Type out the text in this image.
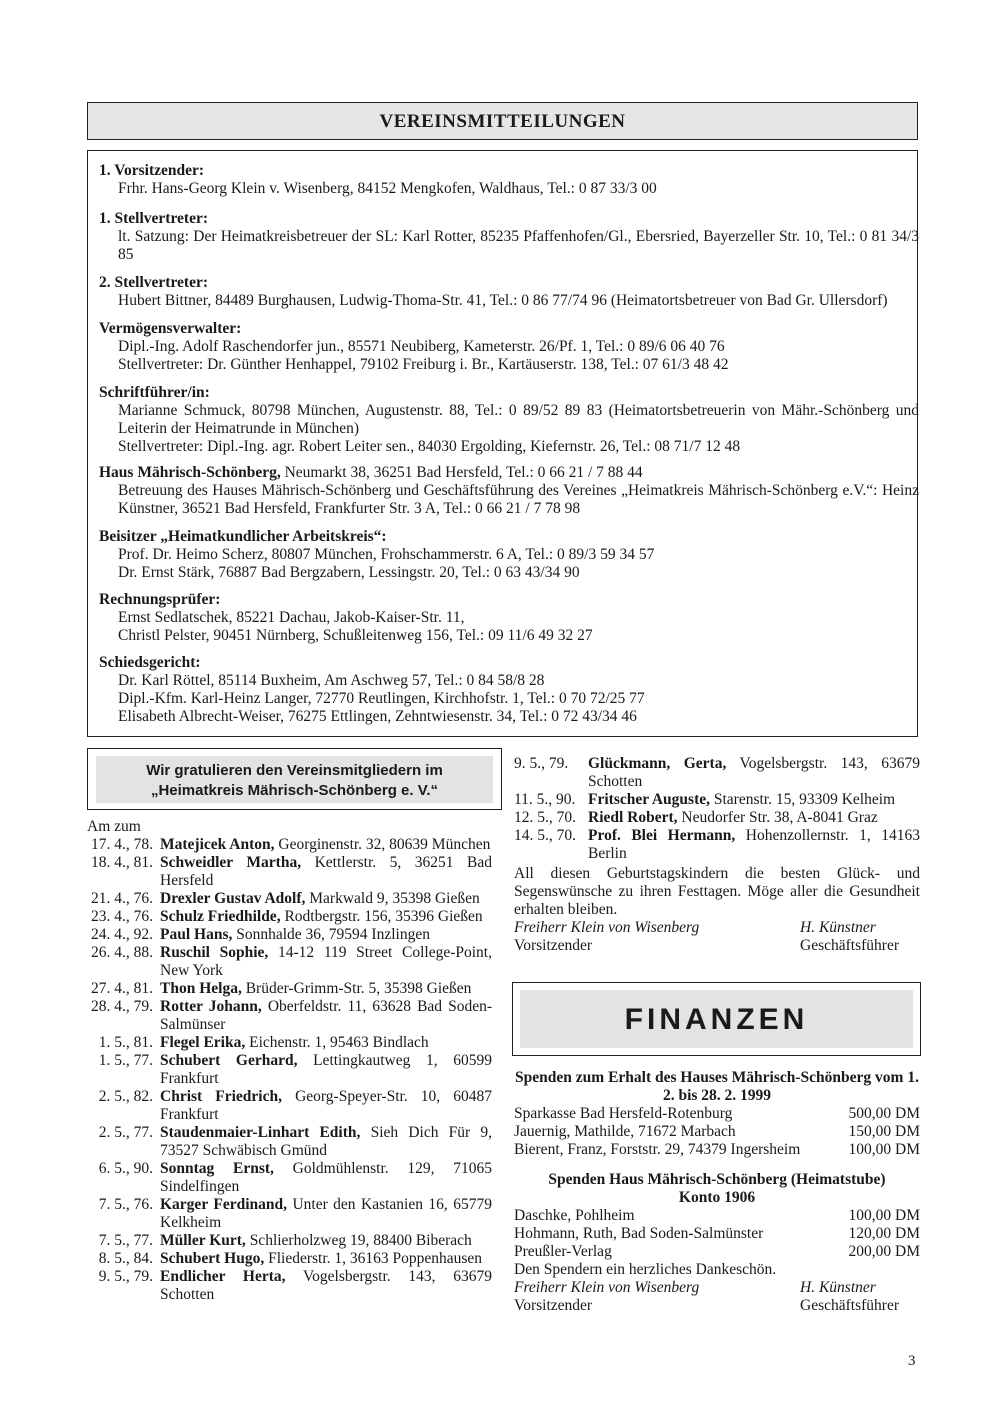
VEREINSMITTEILUNGEN
1. Vorsitzender:
Frhr. Hans-Georg Klein v. Wisenberg, 84152 Mengkofen, Waldhaus, Tel.: 0 87 33/3 00
1. Stellvertreter:
lt. Satzung: Der Heimatkreisbetreuer der SL: Karl Rotter, 85235 Pfaffenhofen/Gl., Ebersried, Bayerzeller Str. 10, Tel.: 0 81 34/3 85
2. Stellvertreter:
Hubert Bittner, 84489 Burghausen, Ludwig-Thoma-Str. 41, Tel.: 0 86 77/74 96 (Heimatortsbetreuer von Bad Gr. Ullersdorf)
Vermögensverwalter:
Dipl.-Ing. Adolf Raschendorfer jun., 85571 Neubiberg, Kameterstr. 26/Pf. 1, Tel.: 0 89/6 06 40 76
Stellvertreter: Dr. Günther Henhappel, 79102 Freiburg i. Br., Kartäuserstr. 138, Tel.: 07 61/3 48 42
Schriftführer/in:
Marianne Schmuck, 80798 München, Augustenstr. 88, Tel.: 0 89/52 89 83 (Heimatortsbetreuerin von Mähr.-Schönberg und Leiterin der Heimatrunde in München)
Stellvertreter: Dipl.-Ing. agr. Robert Leiter sen., 84030 Ergolding, Kiefernstr. 26, Tel.: 08 71/7 12 48
Haus Mährisch-Schönberg, Neumarkt 38, 36251 Bad Hersfeld, Tel.: 0 66 21 / 7 88 44
Betreuung des Hauses Mährisch-Schönberg und Geschäftsführung des Vereines „Heimatkreis Mährisch-Schönberg e.V.“: Heinz Künstner, 36521 Bad Hersfeld, Frankfurter Str. 3 A, Tel.: 0 66 21 / 7 78 98
Beisitzer „Heimatkundlicher Arbeitskreis“:
Prof. Dr. Heimo Scherz, 80807 München, Frohschammerstr. 6 A, Tel.: 0 89/3 59 34 57
Dr. Ernst Stärk, 76887 Bad Bergzabern, Lessingstr. 20, Tel.: 0 63 43/34 90
Rechnungsprüfer:
Ernst Sedlatschek, 85221 Dachau, Jakob-Kaiser-Str. 11,
Christl Pelster, 90451 Nürnberg, Schußleitenweg 156, Tel.: 09 11/6 49 32 27
Schiedsgericht:
Dr. Karl Röttel, 85114 Buxheim, Am Aschweg 57, Tel.: 0 84 58/8 28
Dipl.-Kfm. Karl-Heinz Langer, 72770 Reutlingen, Kirchhofstr. 1, Tel.: 0 70 72/25 77
Elisabeth Albrecht-Weiser, 76275 Ettlingen, Zehntwiesenstr. 34, Tel.: 0 72 43/34 46
Wir gratulieren den Vereinsmitgliedern im
„Heimatkreis Mährisch-Schönberg e. V.“
Am zum
17. 4., 78. Matejicek Anton, Georginenstr. 32, 80639 München
18. 4., 81. Schweidler Martha, Kettlerstr. 5, 36251 Bad Hersfeld
21. 4., 76. Drexler Gustav Adolf, Markwald 9, 35398 Gießen
23. 4., 76. Schulz Friedhilde, Rodtbergstr. 156, 35396 Gießen
24. 4., 92. Paul Hans, Sonnhalde 36, 79594 Inzlingen
26. 4., 88. Ruschil Sophie, 14-12 119 Street College-Point, New York
27. 4., 81. Thon Helga, Brüder-Grimm-Str. 5, 35398 Gießen
28. 4., 79. Rotter Johann, Oberfeldstr. 11, 63628 Bad Soden-Salmünser
1. 5., 81. Flegel Erika, Eichenstr. 1, 95463 Bindlach
1. 5., 77. Schubert Gerhard, Lettingkautweg 1, 60599 Frankfurt
2. 5., 82. Christ Friedrich, Georg-Speyer-Str. 10, 60487 Frankfurt
2. 5., 77. Staudenmaier-Linhart Edith, Sieh Dich Für 9, 73527 Schwäbisch Gmünd
6. 5., 90. Sonntag Ernst, Goldmühlenstr. 129, 71065 Sindelfingen
7. 5., 76. Karger Ferdinand, Unter den Kastanien 16, 65779 Kelkheim
7. 5., 77. Müller Kurt, Schlierholzweg 19, 88400 Biberach
8. 5., 84. Schubert Hugo, Fliederstr. 1, 36163 Poppenhausen
9. 5., 79. Endlicher Herta, Vogelsbergstr. 143, 63679 Schotten
9. 5., 79.	Glückmann, Gerta, Vogelsbergstr. 143, 63679 Schotten
11. 5., 90. Fritscher Auguste, Starenstr. 15, 93309 Kelheim
12. 5., 70. Riedl Robert, Neudorfer Str. 38, A-8041 Graz
14. 5., 70. Prof. Blei Hermann, Hohenzollernstr. 1, 14163 Berlin
All diesen Geburtstagskindern die besten Glück- und Segenswünsche zu ihren Festtagen. Möge aller die Gesundheit erhalten bleiben.
Freiherr Klein von Wisenberg
Vorsitzender
H. Künstner
Geschäftsführer
FINANZEN
Spenden zum Erhalt des Hauses Mährisch-Schönberg vom 1. 2. bis 28. 2. 1999
Sparkasse Bad Hersfeld-Rotenburg	500,00 DM
Jauernig, Mathilde, 71672 Marbach	150,00 DM
Bierent, Franz, Forststr. 29, 74379 Ingersheim	100,00 DM
Spenden Haus Mährisch-Schönberg (Heimatstube)
Konto 1906
Daschke, Pohlheim	100,00 DM
Hohmann, Ruth, Bad Soden-Salmünster	120,00 DM
Preußler-Verlag	200,00 DM
Den Spendern ein herzliches Dankeschön.
Freiherr Klein von Wisenberg
Vorsitzender
H. Künstner
Geschäftsführer
3
